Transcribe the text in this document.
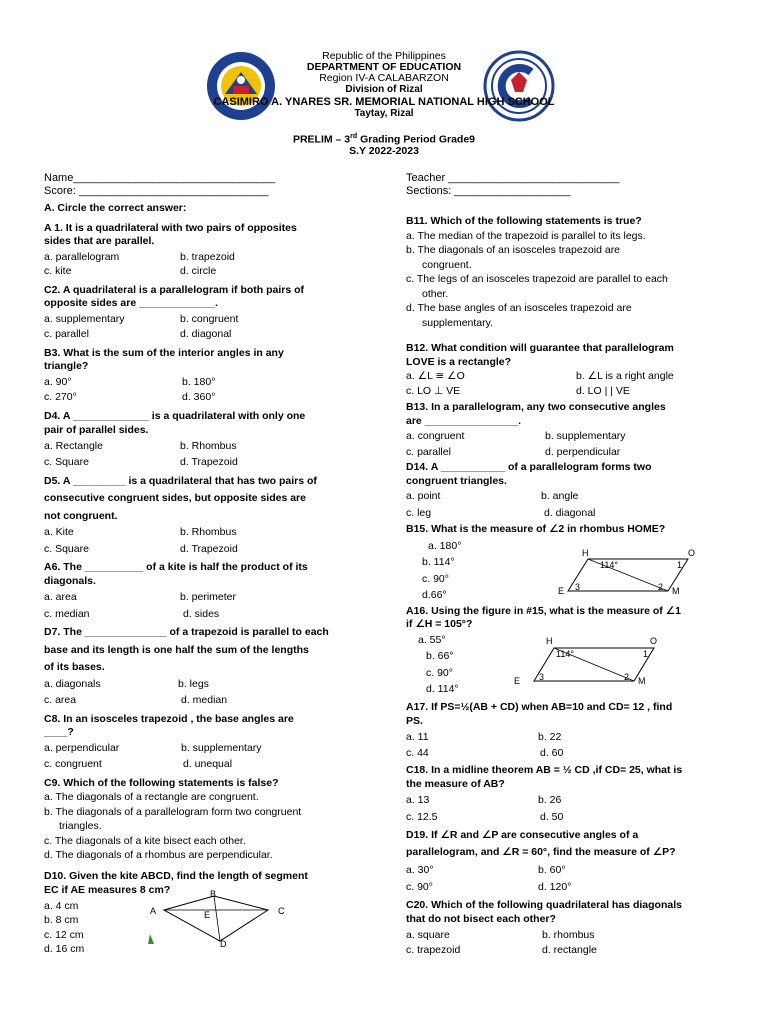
Republic of the Philippines
DEPARTMENT OF EDUCATION
Region IV-A CALABARZON
Division of Rizal
CASIMIRO A. YNARES SR. MEMORIAL NATIONAL HIGH SCHOOL
Taytay, Rizal
PRELIM – 3rd Grading Period Grade9
S.Y 2022-2023
Name_________________________________
Score: _______________________________
Teacher ____________________________
Sections: ___________________

A. Circle the correct answer:

A 1. It is a quadrilateral with two pairs of opposites

sides that are parallel.

a. parallelogram	b. trapezoid
c. kite	d. circle

C2. A quadrilateral is a parallelogram if both pairs of

opposite sides are _____________.

a. supplementary	b. congruent
c. parallel	d. diagonal

B3. What is the sum of the interior angles in any

triangle?

a. 90°	b. 180°
c. 270°	d. 360°

D4. A _____________ is a quadrilateral with only one

pair of parallel sides.

a. Rectangle	b. Rhombus
c. Square	d. Trapezoid

D5. A _________ is a quadrilateral that has two pairs of

consecutive congruent sides, but opposite sides are

not congruent.

a. Kite	b. Rhombus
c. Square	d. Trapezoid

A6. The __________ of a kite is half the product of its

diagonals.

a. area	b. perimeter
c. median	d. sides

D7. The ______________ of a trapezoid is parallel to each

base and its length is one half the sum of the lengths

of its bases.

a. diagonals	b. legs
c. area	d. median

C8. In an isosceles trapezoid , the base angles are

____?

a. perpendicular	b. supplementary
c. congruent	d. unequal

C9. Which of the following statements is false?

a. The diagonals of a rectangle are congruent.

b. The diagonals of a parallelogram form two congruent

triangles.

c. The diagonals of a kite bisect each other.

d. The diagonals of a rhombus are perpendicular.

D10. Given the kite ABCD, find the length of segment

EC if AE measures 8 cm?

a. 4 cm

b. 8 cm

c. 12 cm

d. 16 cm

A
B
C
D
E

B11. Which of the following statements is true?

a. The median of the trapezoid is parallel to its legs.

b. The diagonals of an isosceles trapezoid are

congruent.

c. The legs of an isosceles trapezoid are parallel to each

other.

d. The base angles of an isosceles trapezoid are

supplementary.

B12. What condition will guarantee that parallelogram

LOVE is a rectangle?

a. ∠L ≅ ∠O	b. ∠L is a right angle
c. LO ⊥ VE	d. LO | | VE

B13. In a parallelogram, any two consecutive angles

are ________________.

a. congruent	b. supplementary
c. parallel	d. perpendicular

D14. A ___________ of a parallelogram forms two

congruent triangles.

a. point	b. angle
c. leg	d. diagonal

B15. What is the measure of ∠2 in rhombus HOME?

a. 180°

b. 114°

c. 90°

d.66°

A16. Using the figure in #15, what is the measure of ∠1

if ∠H = 105°?

a. 55°

b. 66°

c. 90°

d. 114°

A17. If PS=½(AB + CD) when AB=10 and CD= 12 , find

PS.

a. 11	b. 22
c. 44	d. 60

C18. In a midline theorem AB = ½ CD ,if CD= 25, what is

the measure of AB?

a. 13	b. 26
c. 12.5	d. 50

D19. If ∠R and ∠P are consecutive angles of a

parallelogram, and ∠R = 60°, find the measure of ∠P?

a. 30°	b. 60°
c. 90°	d. 120°

C20. Which of the following quadrilateral has diagonals

that do not bisect each other?

a. square	b. rhombus
c. trapezoid	d. rectangle
H	O
E	M
114°	1
2
3
H	O
E	M
114°	1
2
3
